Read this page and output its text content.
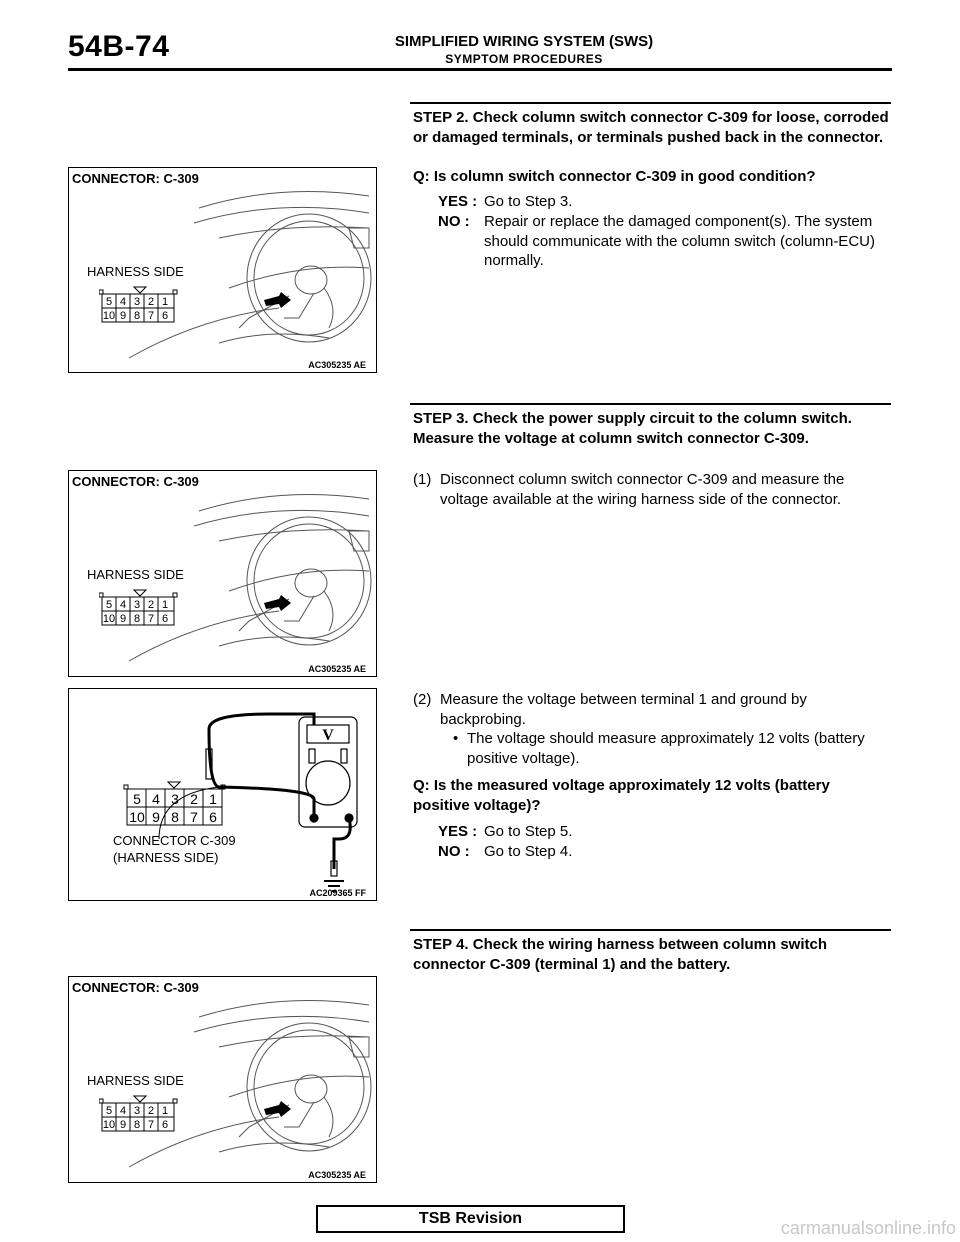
54B-74	SIMPLIFIED WIRING SYSTEM (SWS)
SYMPTOM PROCEDURES
CONNECTOR: C-309
HARNESS SIDE
5 4 3 2 1
10 9 8 7 6
AC305235 AE
CONNECTOR: C-309
HARNESS SIDE
5 4 3 2 1
10 9 8 7 6
AC305235 AE
V
5 4 3 2 1
10 9 8 7 6
CONNECTOR C-309
(HARNESS SIDE)
AC209365 FF
CONNECTOR: C-309
HARNESS SIDE
5 4 3 2 1
10 9 8 7 6
AC305235 AE
STEP 2. Check column switch connector C-309 for loose, corroded or damaged terminals, or terminals pushed back in the connector.
Q: Is column switch connector C-309 in good condition?
YES : Go to Step 3.
NO : Repair or replace the damaged component(s). The system should communicate with the column switch (column-ECU) normally.
STEP 3. Check the power supply circuit to the column switch. Measure the voltage at column switch connector C-309.
(1) Disconnect column switch connector C-309 and measure the voltage available at the wiring harness side of the connector.
(2) Measure the voltage between terminal 1 and ground by backprobing.
• The voltage should measure approximately 12 volts (battery positive voltage).
Q: Is the measured voltage approximately 12 volts (battery positive voltage)?
YES : Go to Step 5.
NO : Go to Step 4.
STEP 4. Check the wiring harness between column switch connector C-309 (terminal 1) and the battery.
TSB Revision	carmanualsonline.info
